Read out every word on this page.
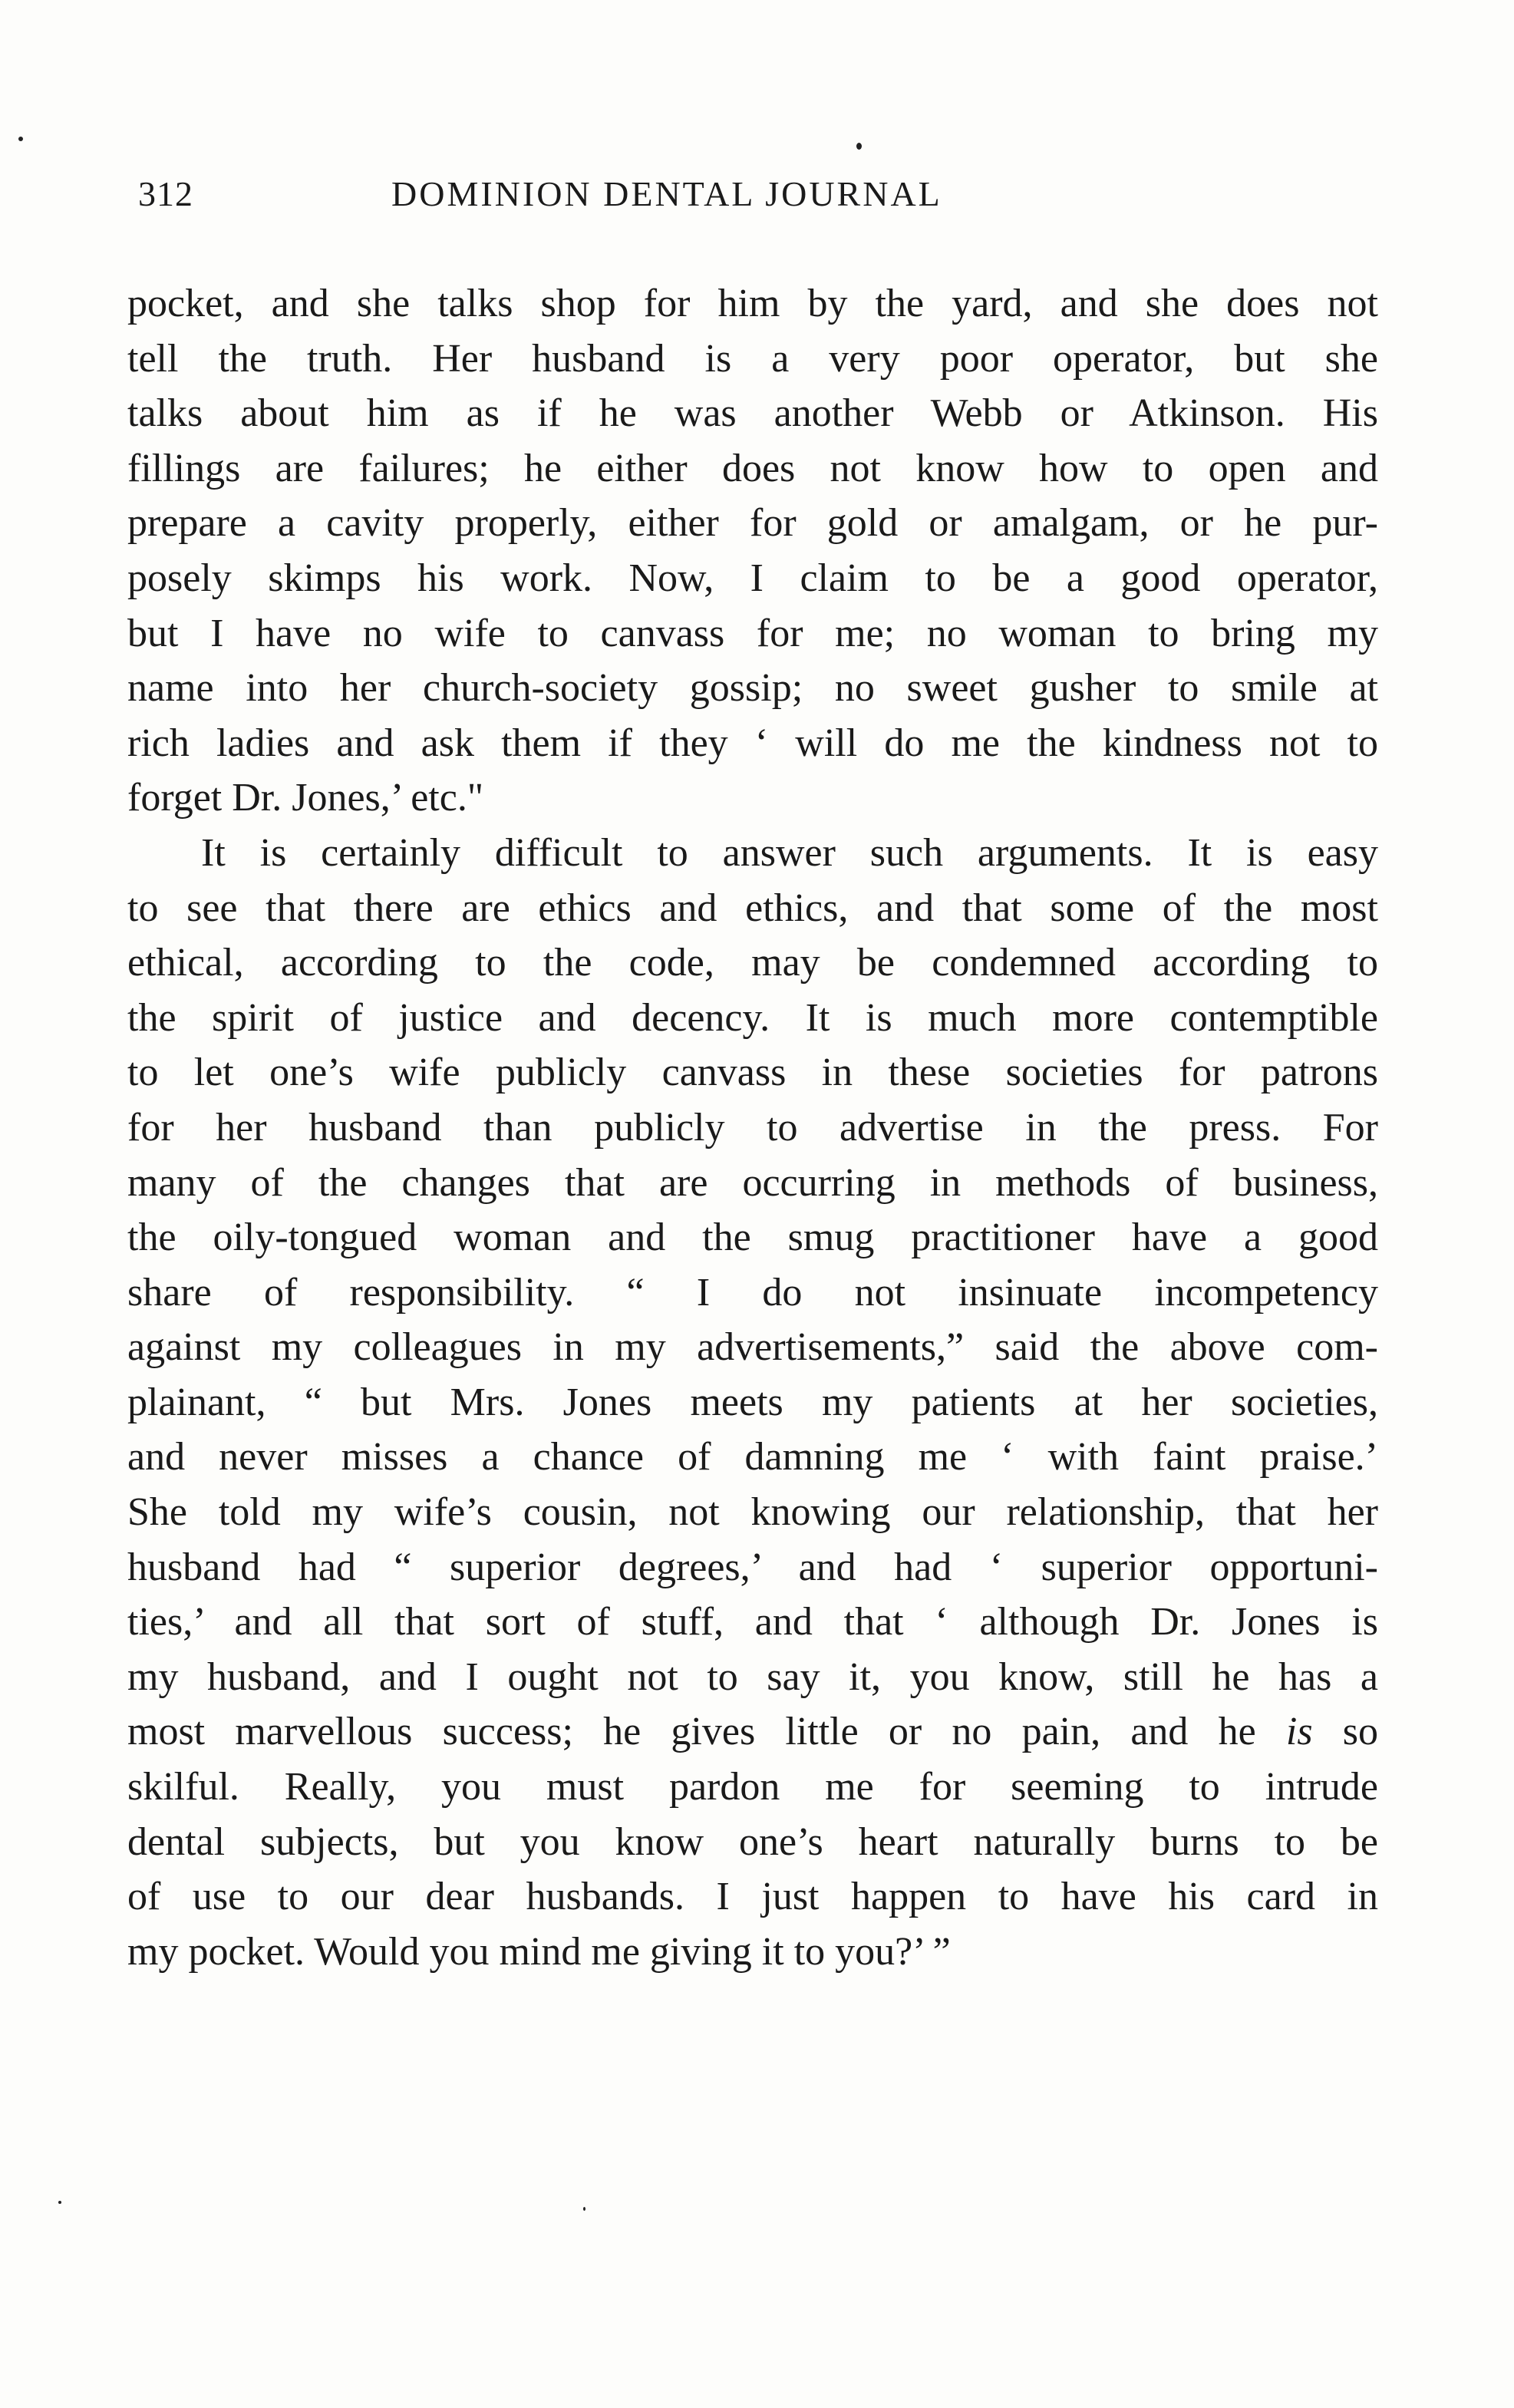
312	DOMINION DENTAL JOURNAL
pocket, and she talks shop for him by the yard, and she does not
tell the truth. Her husband is a very poor operator, but she
talks about him as if he was another Webb or Atkinson. His
fillings are failures; he either does not know how to open and
prepare a cavity properly, either for gold or amalgam, or he pur-
posely skimps his work. Now, I claim to be a good operator,
but I have no wife to canvass for me; no woman to bring my
name into her church-society gossip; no sweet gusher to smile at
rich ladies and ask them if they ‘ will do me the kindness not to
forget Dr. Jones,’ etc."
It is certainly difficult to answer such arguments. It is easy
to see that there are ethics and ethics, and that some of the most
ethical, according to the code, may be condemned according to
the spirit of justice and decency. It is much more contemptible
to let one’s wife publicly canvass in these societies for patrons
for her husband than publicly to advertise in the press. For
many of the changes that are occurring in methods of business,
the oily-tongued woman and the smug practitioner have a good
share of responsibility. “ I do not insinuate incompetency
against my colleagues in my advertisements,” said the above com-
plainant, “ but Mrs. Jones meets my patients at her societies,
and never misses a chance of damning me ‘ with faint praise.’
She told my wife’s cousin, not knowing our relationship, that her
husband had “ superior degrees,’ and had ‘ superior opportuni-
ties,’ and all that sort of stuff, and that ‘ although Dr. Jones is
my husband, and I ought not to say it, you know, still he has a
most marvellous success; he gives little or no pain, and he is so
skilful. Really, you must pardon me for seeming to intrude
dental subjects, but you know one’s heart naturally burns to be
of use to our dear husbands. I just happen to have his card in
my pocket. Would you mind me giving it to you?’ ”
